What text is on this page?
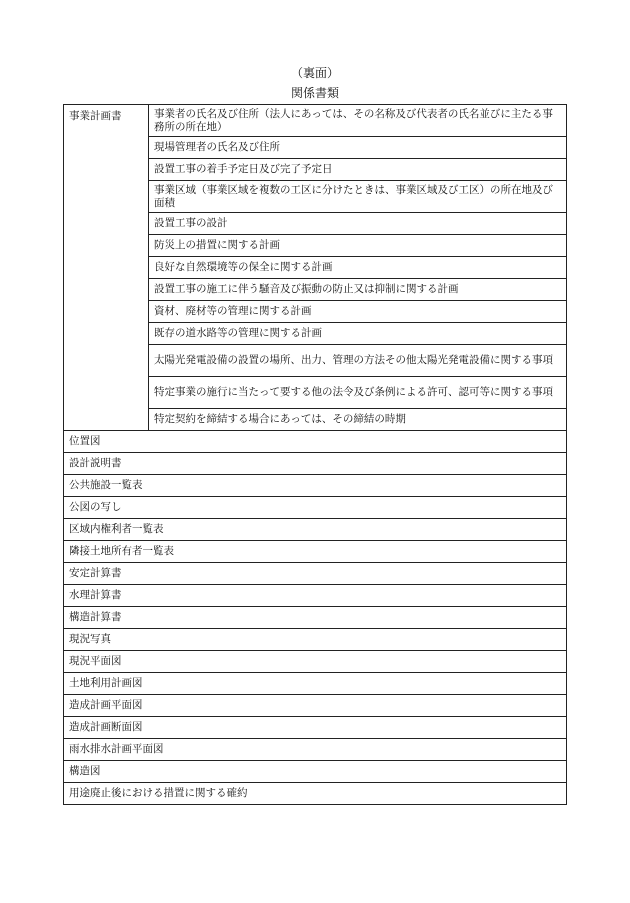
（裏面）
関係書類
事業計画書	事業者の氏名及び住所（法人にあっては、その名称及び代表者の氏名並びに主たる事務所の所在地）
現場管理者の氏名及び住所
設置工事の着手予定日及び完了予定日
事業区域（事業区域を複数の工区に分けたときは、事業区域及び工区）の所在地及び面積
設置工事の設計
防災上の措置に関する計画
良好な自然環境等の保全に関する計画
設置工事の施工に伴う騒音及び振動の防止又は抑制に関する計画
資材、廃材等の管理に関する計画
既存の道水路等の管理に関する計画
太陽光発電設備の設置の場所、出力、管理の方法その他太陽光発電設備に関する事項
特定事業の施行に当たって要する他の法令及び条例による許可、認可等に関する事項
特定契約を締結する場合にあっては、その締結の時期
位置図
設計説明書
公共施設一覧表
公図の写し
区域内権利者一覧表
隣接土地所有者一覧表
安定計算書
水理計算書
構造計算書
現況写真
現況平面図
土地利用計画図
造成計画平面図
造成計画断面図
雨水排水計画平面図
構造図
用途廃止後における措置に関する確約
